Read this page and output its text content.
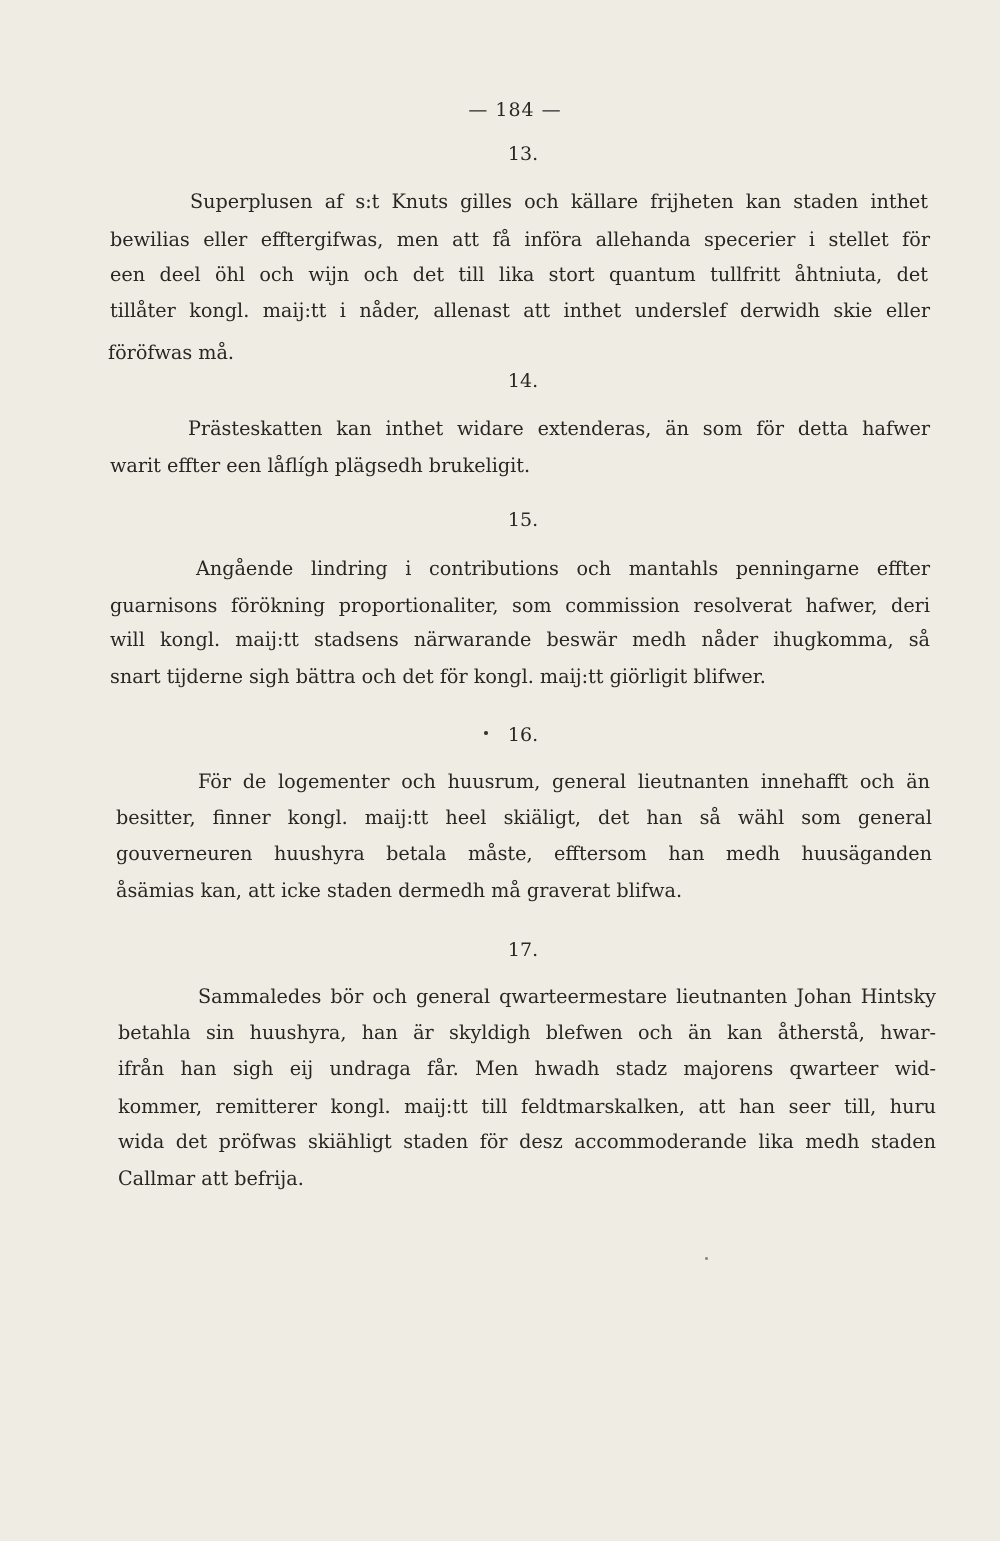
— 184 —
13.
Superplusen af s:t Knuts gilles och källare frijheten kan staden inthet
bewilias eller efftergifwas, men att få införa allehanda specerier i stellet för
een deel öhl och wijn och det till lika stort quantum tullfritt åhtniuta, det
tillåter kongl. maij:tt i nåder, allenast att inthet underslef derwidh skie eller
föröfwas må.
14.
Prästeskatten kan inthet widare extenderas, än som för detta hafwer
warit effter een låflígh plägsedh brukeligit.
15.
Angående lindring i contributions och mantahls penningarne effter
guarnisons förökning proportionaliter, som commission resolverat hafwer, deri
will kongl. maij:tt stadsens närwarande beswär medh nåder ihugkomma, så
snart tijderne sigh bättra och det för kongl. maij:tt giörligit blifwer.
16.
För de logementer och huusrum, general lieutnanten innehafft och än
besitter, finner kongl. maij:tt heel skiäligt, det han så wähl som general
gouverneuren huushyra betala måste, efftersom han medh huusäganden
åsämias kan, att icke staden dermedh må graverat blifwa.
17.
Sammaledes bör och general qwarteermestare lieutnanten Johan Hintsky
betahla sin huushyra, han är skyldigh blefwen och än kan åtherstå, hwar-
ifrån han sigh eij undraga får. Men hwadh stadz majorens qwarteer wid-
kommer, remitterer kongl. maij:tt till feldtmarskalken, att han seer till, huru
wida det pröfwas skiähligt staden för desz accommoderande lika medh staden
Callmar att befrija.
